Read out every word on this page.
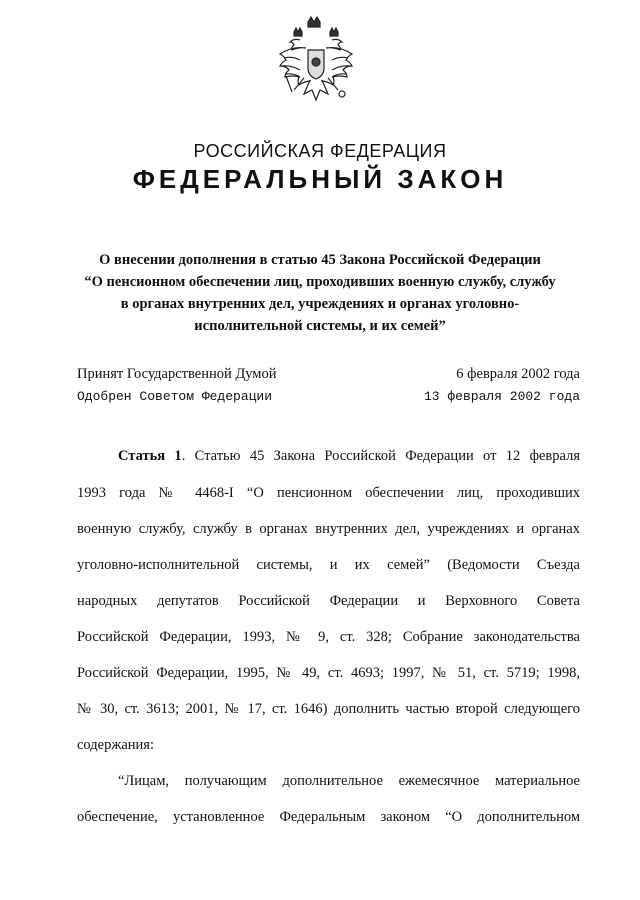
РОССИЙСКАЯ ФЕДЕРАЦИЯ
ФЕДЕРАЛЬНЫЙ ЗАКОН
О внесении дополнения в статью 45 Закона Российской Федерации
“О пенсионном обеспечении лиц, проходивших военную службу, службу
в органах внутренних дел, учреждениях и органах уголовно-
исполнительной системы, и их семей”
Принят Государственной Думой	6 февраля 2002 года
Одобрен Советом Федерации	13 февраля 2002 года
Статья 1. Статью 45 Закона Российской Федерации от 12 февраля
1993 года № 4468-I “О пенсионном обеспечении лиц, проходивших
военную службу, службу в органах внутренних дел, учреждениях и органах
уголовно-исполнительной системы, и их семей” (Ведомости Съезда
народных депутатов Российской Федерации и Верховного Совета
Российской Федерации, 1993, № 9, ст. 328; Собрание законодательства
Российской Федерации, 1995, № 49, ст. 4693; 1997, № 51, ст. 5719; 1998,
№ 30, ст. 3613; 2001, № 17, ст. 1646) дополнить частью второй следующего
содержания:
“Лицам, получающим дополнительное ежемесячное материальное
обеспечение, установленное Федеральным законом “О дополнительном
